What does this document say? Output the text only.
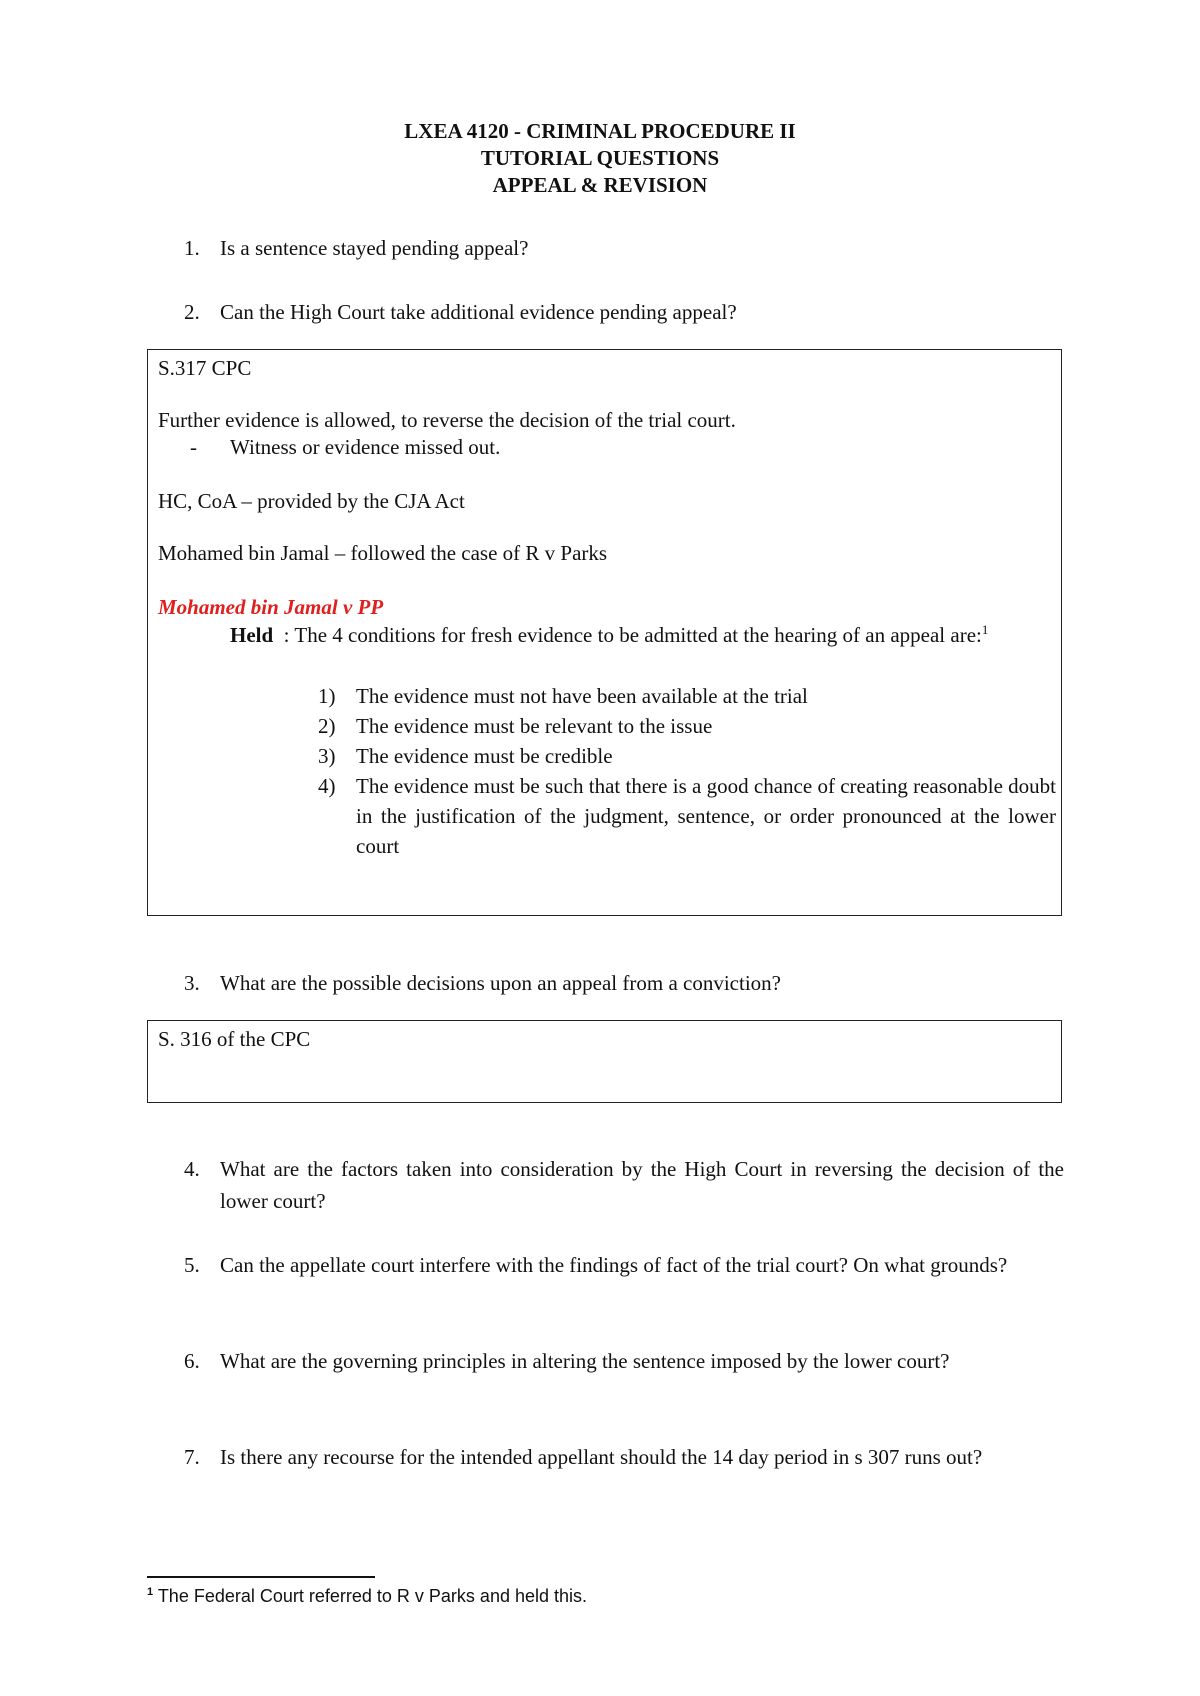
LXEA 4120 - CRIMINAL PROCEDURE II
TUTORIAL QUESTIONS
APPEAL & REVISION
1. Is a sentence stayed pending appeal?
2. Can the High Court take additional evidence pending appeal?
S.317 CPC
Further evidence is allowed, to reverse the decision of the trial court.
- Witness or evidence missed out.
HC, CoA – provided by the CJA Act
Mohamed bin Jamal – followed the case of R v Parks
Mohamed bin Jamal v PP
Held : The 4 conditions for fresh evidence to be admitted at the hearing of an appeal are:$^1$
1) The evidence must not have been available at the trial
2) The evidence must be relevant to the issue
3) The evidence must be credible
4) The evidence must be such that there is a good chance of creating reasonable doubt in the justification of the judgment, sentence, or order pronounced at the lower court
3. What are the possible decisions upon an appeal from a conviction?
S. 316 of the CPC
4. What are the factors taken into consideration by the High Court in reversing the decision of the lower court?
5. Can the appellate court interfere with the findings of fact of the trial court? On what grounds?
6. What are the governing principles in altering the sentence imposed by the lower court?
7. Is there any recourse for the intended appellant should the 14 day period in s 307 runs out?
$^1$ The Federal Court referred to R v Parks and held this.
